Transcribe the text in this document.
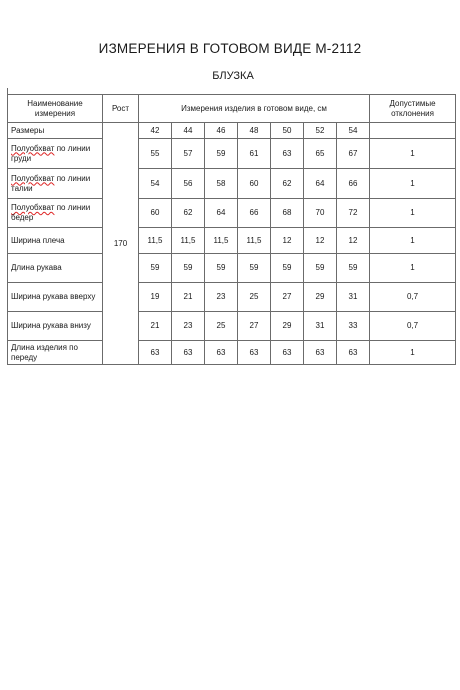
ИЗМЕРЕНИЯ В ГОТОВОМ ВИДЕ М-2112
БЛУЗКА
Наименование измерения	Рост	Измерения изделия в готовом виде, см							Допустимые отклонения
Размеры	170	42	44	46	48	50	52	54	
Полуобхват по линии груди		55	57	59	61	63	65	67	1
Полуобхват по линии талии		54	56	58	60	62	64	66	1
Полуобхват по линии бедер		60	62	64	66	68	70	72	1
Ширина плеча		11,5	11,5	11,5	11,5	12	12	12	1
Длина рукава		59	59	59	59	59	59	59	1
Ширина рукава вверху		19	21	23	25	27	29	31	0,7
Ширина рукава внизу		21	23	25	27	29	31	33	0,7
Длина изделия по переду		63	63	63	63	63	63	63	1
